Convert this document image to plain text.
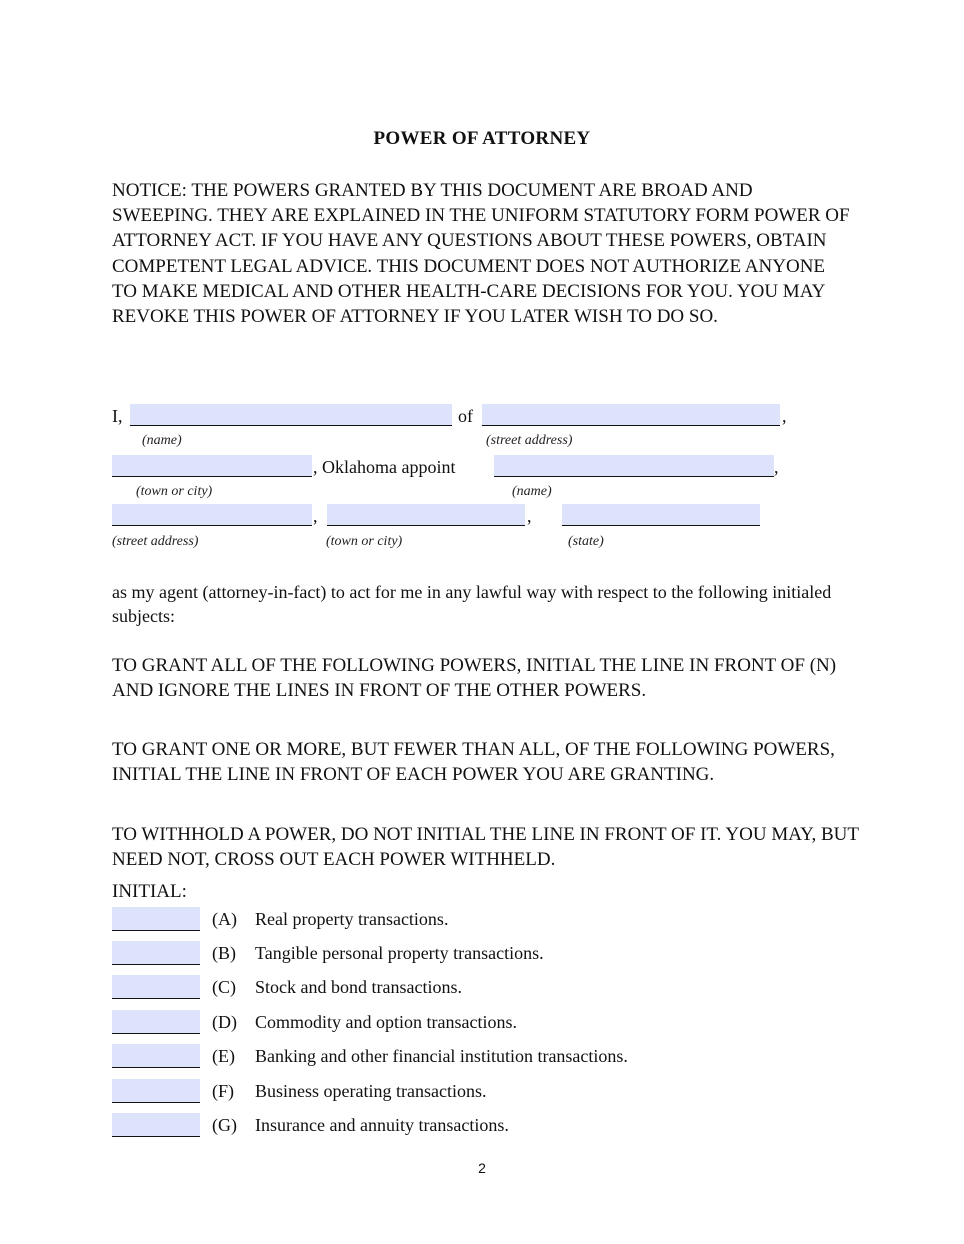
POWER OF ATTORNEY
NOTICE: THE POWERS GRANTED BY THIS DOCUMENT ARE BROAD AND SWEEPING. THEY ARE EXPLAINED IN THE UNIFORM STATUTORY FORM POWER OF ATTORNEY ACT. IF YOU HAVE ANY QUESTIONS ABOUT THESE POWERS, OBTAIN COMPETENT LEGAL ADVICE. THIS DOCUMENT DOES NOT AUTHORIZE ANYONE TO MAKE MEDICAL AND OTHER HEALTH-CARE DECISIONS FOR YOU. YOU MAY REVOKE THIS POWER OF ATTORNEY IF YOU LATER WISH TO DO SO.
I,	of	,
(name)	(street address)
, Oklahoma appoint	,
(town or city)	(name)
,	,
(street address)	(town or city)	(state)
as my agent (attorney-in-fact) to act for me in any lawful way with respect to the following initialed subjects:
TO GRANT ALL OF THE FOLLOWING POWERS, INITIAL THE LINE IN FRONT OF (N) AND IGNORE THE LINES IN FRONT OF THE OTHER POWERS.
TO GRANT ONE OR MORE, BUT FEWER THAN ALL, OF THE FOLLOWING POWERS, INITIAL THE LINE IN FRONT OF EACH POWER YOU ARE GRANTING.
TO WITHHOLD A POWER, DO NOT INITIAL THE LINE IN FRONT OF IT. YOU MAY, BUT NEED NOT, CROSS OUT EACH POWER WITHHELD.
INITIAL:
(A) Real property transactions.
(B) Tangible personal property transactions.
(C) Stock and bond transactions.
(D) Commodity and option transactions.
(E) Banking and other financial institution transactions.
(F) Business operating transactions.
(G) Insurance and annuity transactions.
2
